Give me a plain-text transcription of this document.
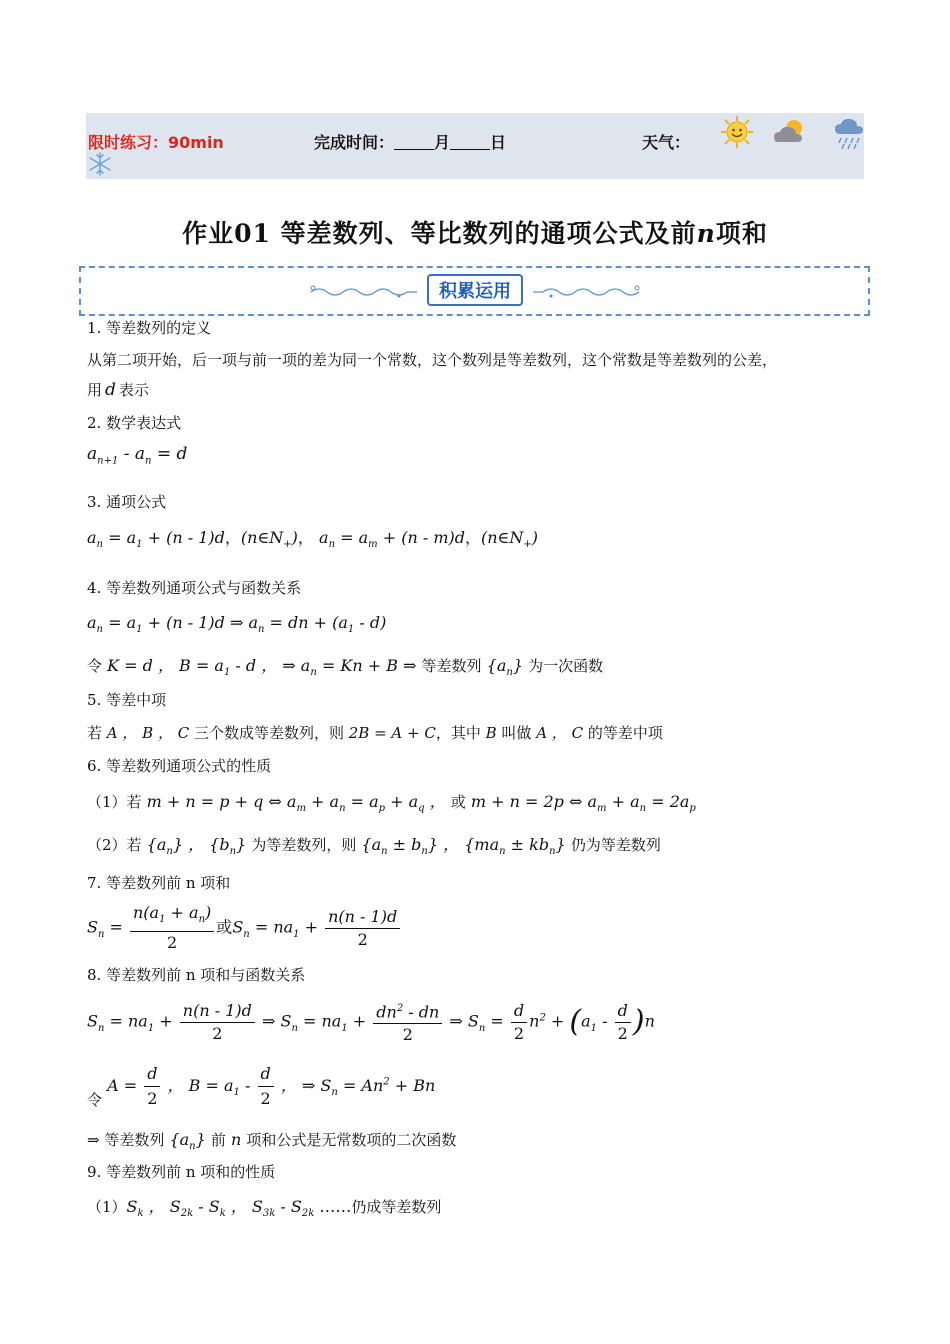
限时练习：90min	完成时间：	月	日	天气：
作业01 等差数列、等比数列的通项公式及前n项和
积累运用
1. 等差数列的定义
从第二项开始，后一项与前一项的差为同一个常数，这个数列是等差数列，这个常数是等差数列的公差，
用 d 表示
2. 数学表达式
$a_{n+1} - a_n = d$
3. 通项公式
$a_n = a_1 + (n - 1)d$，$(n\in N_+)$， $a_n = a_m + (n - m)d$，$(n\in N_+)$
4. 等差数列通项公式与函数关系
$a_n = a_1 + (n - 1)d$ ⇒ $a_n$ = dn + $(a_1 - d)$
令 K = d ， $B = a_1 - d$ ， ⇒ $a_n = Kn + B$ ⇒ 等差数列 $\{a_n\}$ 为一次函数
5. 等差中项
若 A ， B ， C 三个数成等差数列，则 2B = A + C，其中 B 叫做 A ， C 的等差中项
6. 等差数列通项公式的性质
（1）若 m + n = p + q ⇔ $a_m + a_n = a_p + a_q$ ， 或 m + n = 2p ⇔ $a_m + a_n = 2a_p$
（2）若 $\{a_n\}$ ， $\{b_n\}$ 为等差数列，则 $\{a_n \pm b_n\}$ ， $\{ma_n \pm kb_n\}$ 仍为等差数列
7. 等差数列前 n 项和
$S_n = \frac{n(a_1 + a_n)}{2}$ 或$S_n = na_1 + \frac{n(n - 1)d}{2}$
8. 等差数列前 n 项和与函数关系
$S_n = na_1 + \frac{n(n - 1)d}{2}$ ⇒ $S_n = na_1 + \frac{dn^2 - dn}{2}$ ⇒ $S_n = \frac{d}{2} n^2 + (a_1 - \frac{d}{2} )n$
令 $A = \frac{d}{2}$ ， $B = a_1 - \frac{d}{2}$ ， ⇒ $S_n = An^2 + Bn$
⇒ 等差数列 $\{a_n\}$ 前 n 项和公式是无常数项的二次函数
9. 等差数列前 n 项和的性质
$(1)S_k$ ， $S_{2k} - S_k$ ， $S_{3k} - S_{2k}$ ……仍成等差数列
